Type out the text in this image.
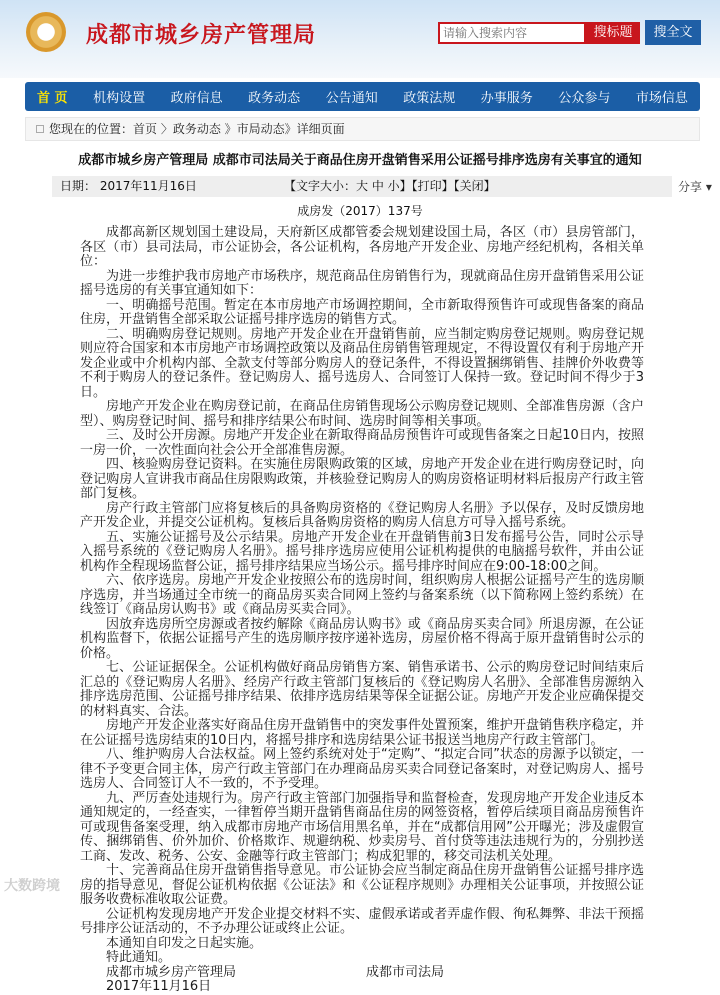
成都市城乡房产管理局
请输入搜索内容	搜标题	搜全文
首 页 机构设置 政府信息 政务动态 公告通知 政策法规 办事服务 公众参与 市场信息
您现在的位置：首页 〉政务动态 》市局动态》详细页面
成都市城乡房产管理局 成都市司法局关于商品住房开盘销售采用公证摇号排序选房有关事宜的通知
日期： 2017年11月16日	【文字大小：大 中 小】【打印】【关闭】	分享 ▾
成房发（2017）137号

成都高新区规划国土建设局，天府新区成都管委会规划建设国土局，各区（市）县房管部门，各区（市）县司法局，市公证协会，各公证机构，各房地产开发企业、房地产经纪机构，各相关单位：

为进一步维护我市房地产市场秩序，规范商品住房销售行为，现就商品住房开盘销售采用公证摇号选房的有关事宜通知如下：

一、明确摇号范围。暂定在本市房地产市场调控期间，全市新取得预售许可或现售备案的商品住房，开盘销售全部采取公证摇号排序选房的销售方式。

二、明确购房登记规则。房地产开发企业在开盘销售前，应当制定购房登记规则。购房登记规则应符合国家和本市房地产市场调控政策以及商品住房销售管理规定，不得设置仅有利于房地产开发企业或中介机构内部、全款支付等部分购房人的登记条件，不得设置捆绑销售、挂牌价外收费等不利于购房人的登记条件。登记购房人、摇号选房人、合同签订人保持一致。登记时间不得少于3日。

房地产开发企业在购房登记前，在商品住房销售现场公示购房登记规则、全部准售房源（含户型）、购房登记时间、摇号和排序结果公布时间、选房时间等相关事项。

三、及时公开房源。房地产开发企业在新取得商品房预售许可或现售备案之日起10日内，按照一房一价，一次性面向社会公开全部准售房源。

四、核验购房登记资料。在实施住房限购政策的区域，房地产开发企业在进行购房登记时，向登记购房人宣讲我市商品住房限购政策，并核验登记购房人的购房资格证明材料后报房产行政主管部门复核。

房产行政主管部门应将复核后的具备购房资格的《登记购房人名册》予以保存，及时反馈房地产开发企业，并提交公证机构。复核后具备购房资格的购房人信息方可导入摇号系统。

五、实施公证摇号及公示结果。房地产开发企业在开盘销售前3日发布摇号公告，同时公示导入摇号系统的《登记购房人名册》。摇号排序选房应使用公证机构提供的电脑摇号软件，并由公证机构作全程现场监督公证，摇号排序结果应当场公示。摇号排序时间应在9:00-18:00之间。

六、依序选房。房地产开发企业按照公布的选房时间，组织购房人根据公证摇号产生的选房顺序选房，并当场通过全市统一的商品房买卖合同网上签约与备案系统（以下简称网上签约系统）在线签订《商品房认购书》或《商品房买卖合同》。

因放弃选房所空房源或者按约解除《商品房认购书》或《商品房买卖合同》所退房源，在公证机构监督下，依据公证摇号产生的选房顺序按序递补选房，房屋价格不得高于原开盘销售时公示的价格。

七、公证证据保全。公证机构做好商品房销售方案、销售承诺书、公示的购房登记时间结束后汇总的《登记购房人名册》、经房产行政主管部门复核后的《登记购房人名册》、全部准售房源纳入排序选房范围、公证摇号排序结果、依排序选房结果等保全证据公证。房地产开发企业应确保提交的材料真实、合法。

房地产开发企业落实好商品住房开盘销售中的突发事件处置预案，维护开盘销售秩序稳定，并在公证摇号选房结束的10日内，将摇号排序和选房结果公证书报送当地房产行政主管部门。

八、维护购房人合法权益。网上签约系统对处于“定购”、“拟定合同”状态的房源予以锁定，一律不予变更合同主体，房产行政主管部门在办理商品房买卖合同登记备案时，对登记购房人、摇号选房人、合同签订人不一致的，不予受理。

九、严厉查处违规行为。房产行政主管部门加强指导和监督检查，发现房地产开发企业违反本通知规定的，一经查实，一律暂停当期开盘销售商品住房的网签资格，暂停后续项目商品房预售许可或现售备案受理，纳入成都市房地产市场信用黑名单，并在“成都信用网”公开曝光；涉及虚假宣传、捆绑销售、价外加价、价格欺诈、规避纳税、炒卖房号、首付贷等违法违规行为的，分别抄送工商、发改、税务、公安、金融等行政主管部门；构成犯罪的，移交司法机关处理。

十、完善商品住房开盘销售指导意见。市公证协会应当制定商品住房开盘销售公证摇号排序选房的指导意见，督促公证机构依据《公证法》和《公证程序规则》办理相关公证事项，并按照公证服务收费标准收取公证费。

公证机构发现房地产开发企业提交材料不实、虚假承诺或者弄虚作假、徇私舞弊、非法干预摇号排序公证活动的，不予办理公证或终止公证。

本通知自印发之日起实施。

特此通知。

成都市城乡房产管理局	成都市司法局

2017年11月16日

大数跨境
